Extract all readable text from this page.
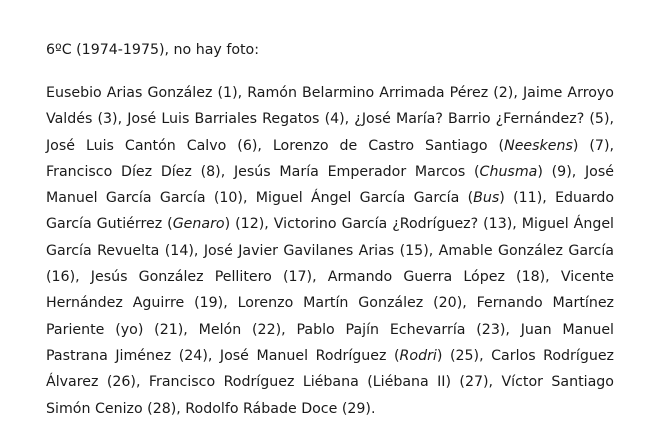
6ºC (1974-1975), no hay foto:
Eusebio Arias González (1), Ramón Belarmino Arrimada Pérez (2), Jaime Arroyo Valdés (3), José Luis Barriales Regatos (4), ¿José María? Barrio ¿Fernández? (5), José Luis Cantón Calvo (6), Lorenzo de Castro Santiago (Neeskens) (7), Francisco Díez Díez (8), Jesús María Emperador Marcos (Chusma) (9), José Manuel García García (10), Miguel Ángel García García (Bus) (11), Eduardo García Gutiérrez (Genaro) (12), Victorino García ¿Rodríguez? (13), Miguel Ángel García Revuelta (14), José Javier Gavilanes Arias (15), Amable González García (16), Jesús González Pellitero (17), Armando Guerra López (18), Vicente Hernández Aguirre (19), Lorenzo Martín González (20), Fernando Martínez Pariente (yo) (21), Melón (22), Pablo Pajín Echevarría (23), Juan Manuel Pastrana Jiménez (24), José Manuel Rodríguez (Rodri) (25), Carlos Rodríguez Álvarez (26), Francisco Rodríguez Liébana (Liébana II) (27), Víctor Santiago Simón Cenizo (28), Rodolfo Rábade Doce (29).
